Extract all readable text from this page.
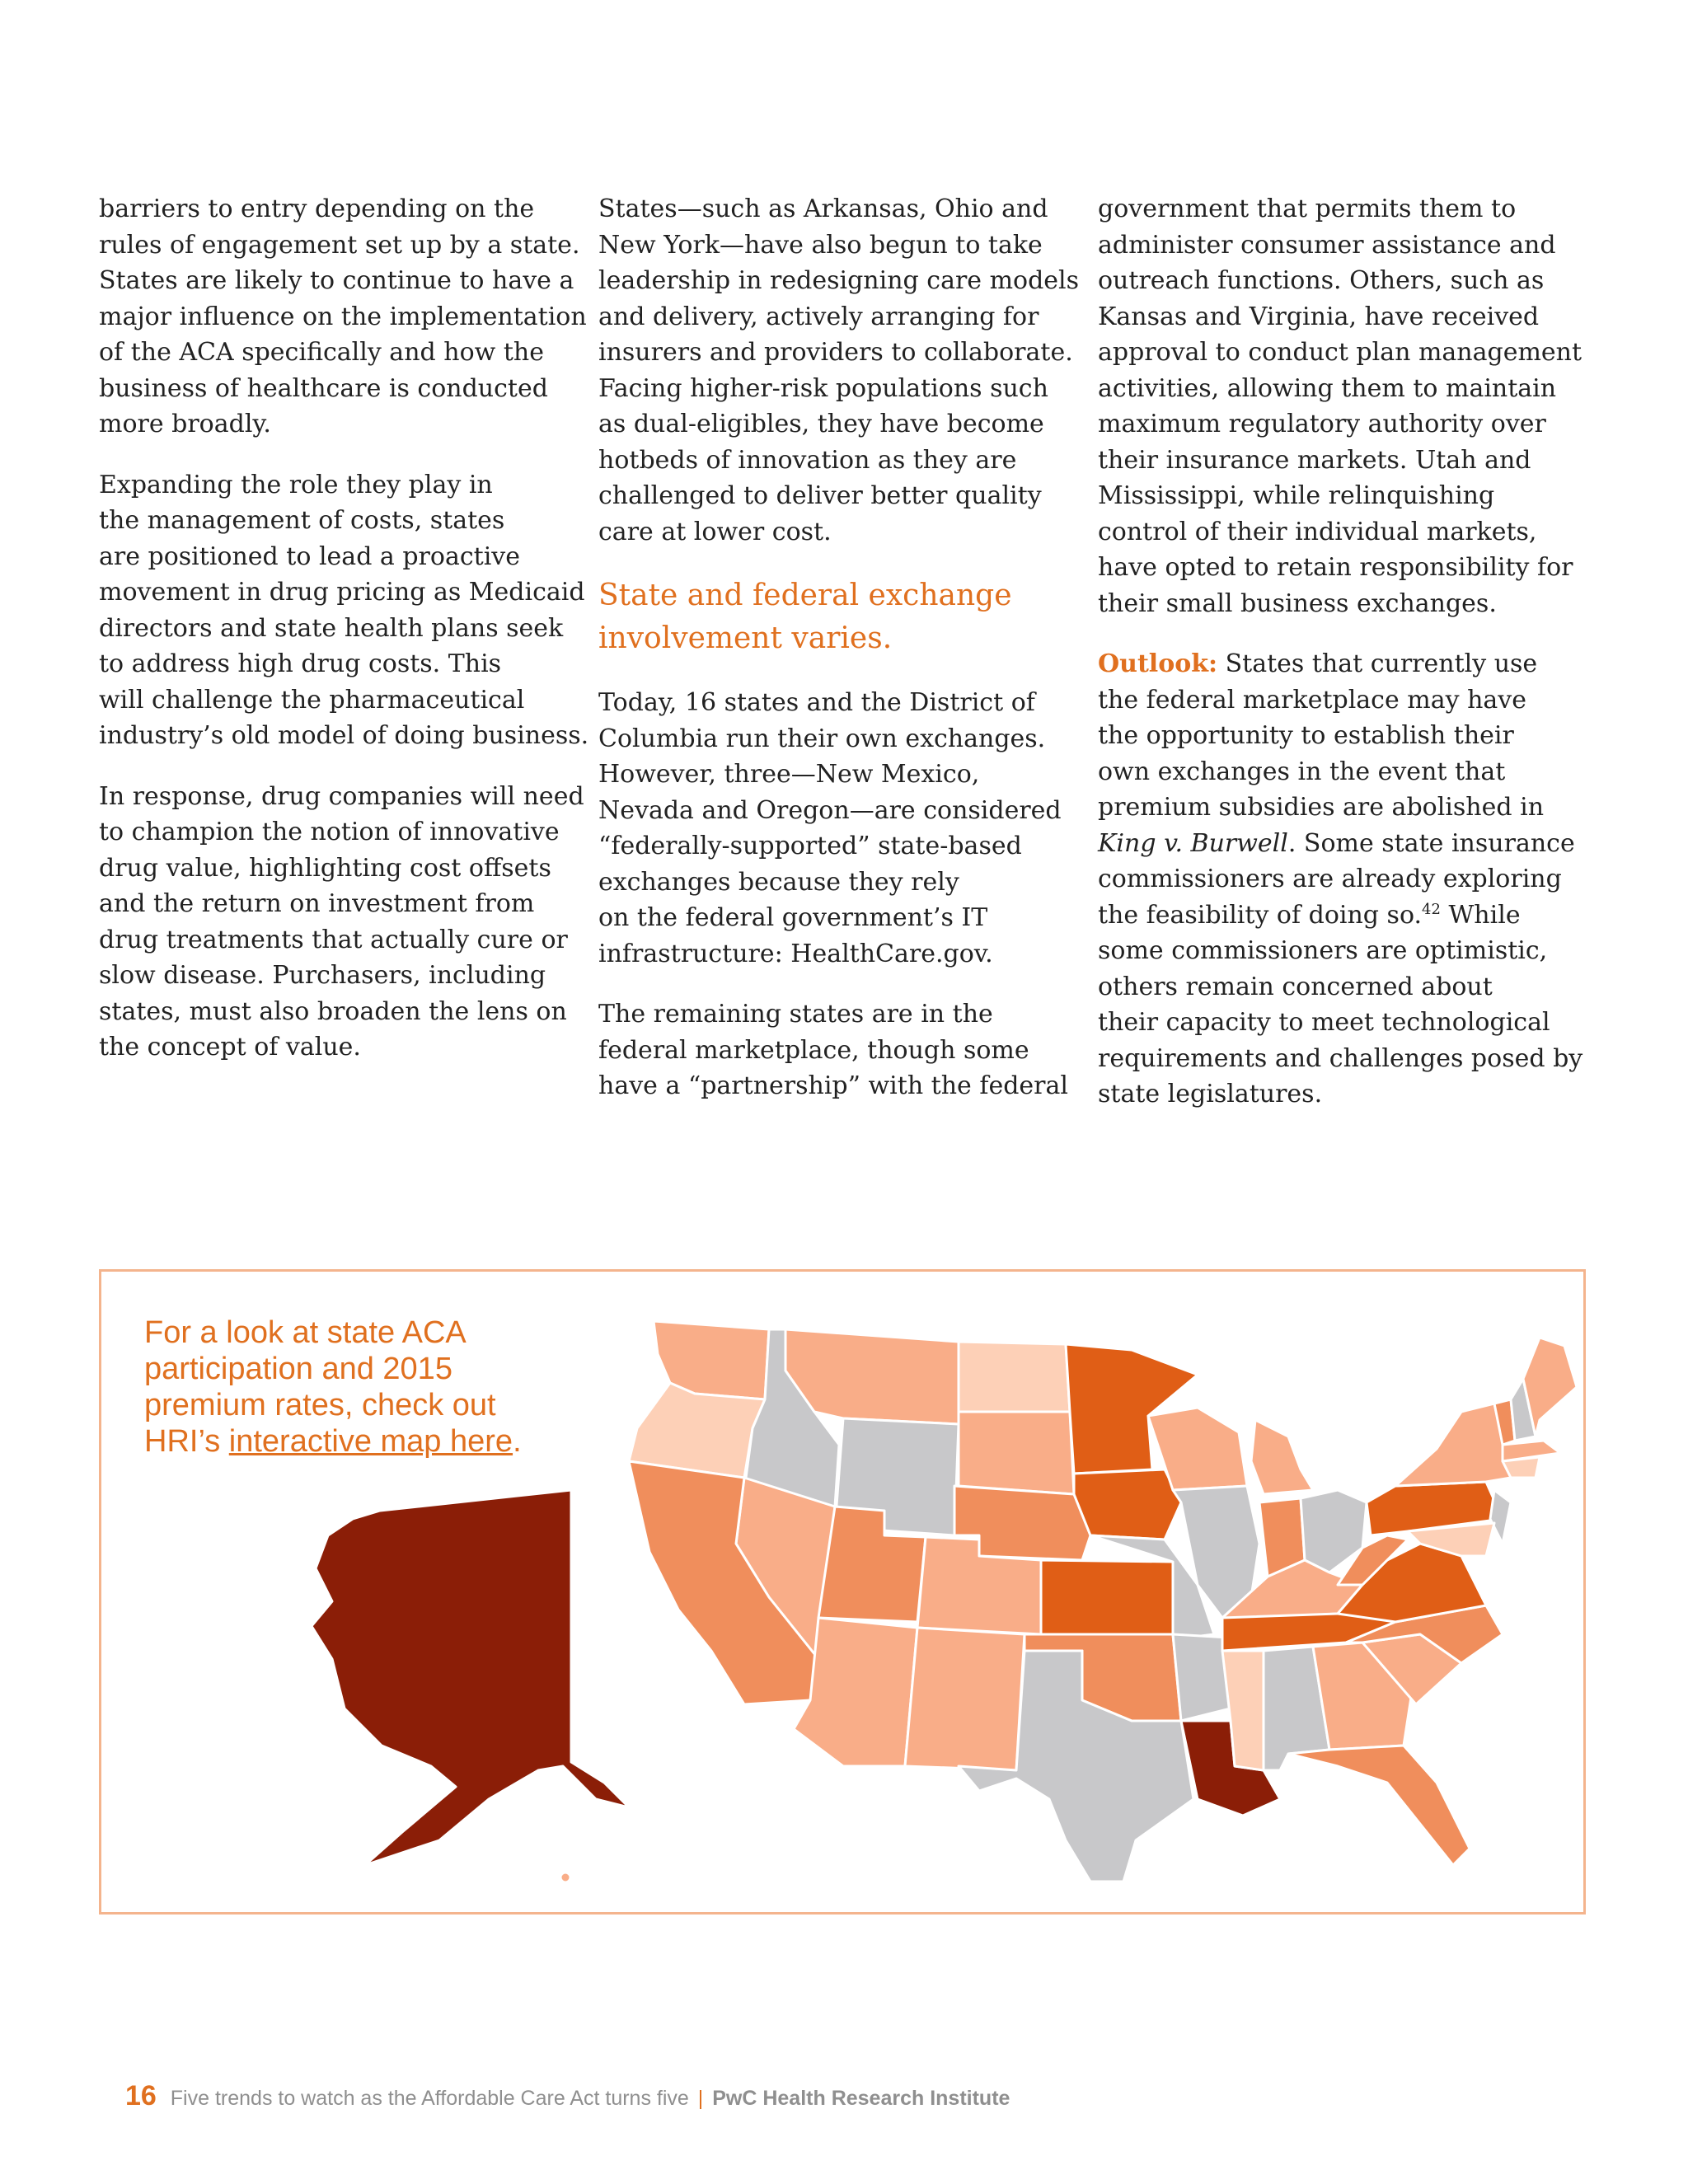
barriers to entry depending on the
rules of engagement set up by a state.
States are likely to continue to have a
major influence on the implementation
of the ACA specifically and how the
business of healthcare is conducted
more broadly.

Expanding the role they play in
the management of costs, states
are positioned to lead a proactive
movement in drug pricing as Medicaid
directors and state health plans seek
to address high drug costs. This
will challenge the pharmaceutical
industry’s old model of doing business.

In response, drug companies will need
to champion the notion of innovative
drug value, highlighting cost offsets
and the return on investment from
drug treatments that actually cure or
slow disease. Purchasers, including
states, must also broaden the lens on
the concept of value.

States—such as Arkansas, Ohio and
New York—have also begun to take
leadership in redesigning care models
and delivery, actively arranging for
insurers and providers to collaborate.
Facing higher-risk populations such
as dual-eligibles, they have become
hotbeds of innovation as they are
challenged to deliver better quality
care at lower cost.

State and federal exchange
involvement varies.

Today, 16 states and the District of
Columbia run their own exchanges.
However, three—New Mexico,
Nevada and Oregon—are considered
“federally-supported” state-based
exchanges because they rely
on the federal government’s IT
infrastructure: HealthCare.gov.

The remaining states are in the
federal marketplace, though some
have a “partnership” with the federal

government that permits them to
administer consumer assistance and
outreach functions. Others, such as
Kansas and Virginia, have received
approval to conduct plan management
activities, allowing them to maintain
maximum regulatory authority over
their insurance markets. Utah and
Mississippi, while relinquishing
control of their individual markets,
have opted to retain responsibility for
their small business exchanges.

Outlook: States that currently use
the federal marketplace may have
the opportunity to establish their
own exchanges in the event that
premium subsidies are abolished in
King v. Burwell. Some state insurance
commissioners are already exploring
the feasibility of doing so.$^{42}$ While
some commissioners are optimistic,
others remain concerned about
their capacity to meet technological
requirements and challenges posed by
state legislatures.

For a look at state ACA
participation and 2015
premium rates, check out
HRI’s interactive map here.
16 Five trends to watch as the Affordable Care Act turns five | PwC Health Research Institute
